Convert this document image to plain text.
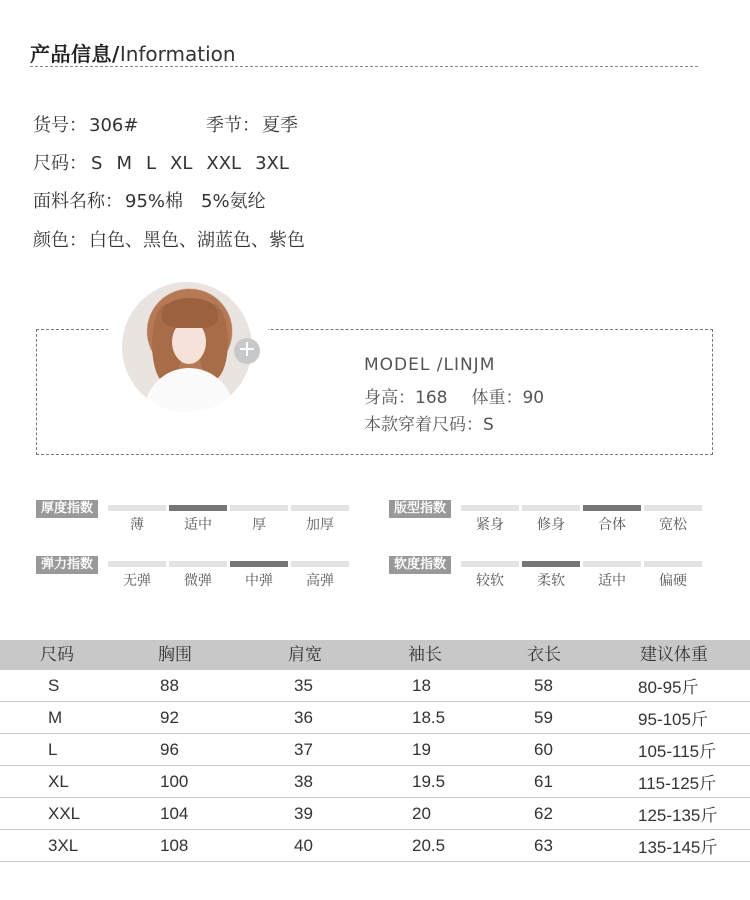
产品信息/Information
货号： 306#	季节： 夏季
尺码： S M L XL XXL 3XL
面料名称： 95%棉　5%氨纶
颜色： 白色、黑色、湖蓝色、紫色
+
MODEL /LINJM
身高：168 体重：90
本款穿着尺码：S
厚度指数
薄	适中	厚	加厚
版型指数
紧身	修身	合体	宽松
弹力指数
无弹	微弹	中弹	高弹
软度指数
较软	柔软	适中	偏硬
尺码	胸围	肩宽	袖长	衣长	建议体重
S	88	35	18	58	80-95斤
M	92	36	18.5	59	95-105斤
L	96	37	19	60	105-115斤
XL	100	38	19.5	61	115-125斤
XXL	104	39	20	62	125-135斤
3XL	108	40	20.5	63	135-145斤
